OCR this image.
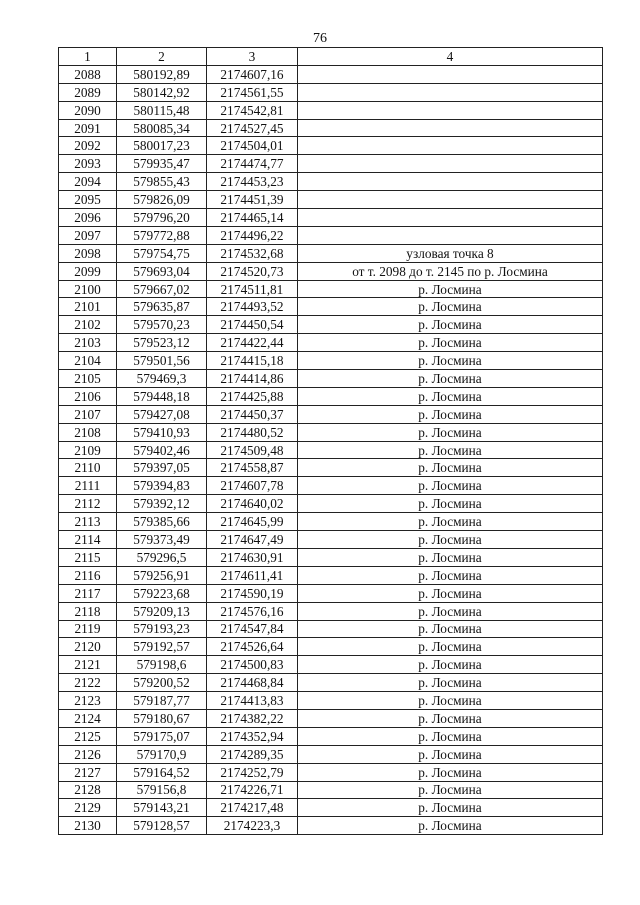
76
1	2	3	4
2088	580192,89	2174607,16	
2089	580142,92	2174561,55	
2090	580115,48	2174542,81	
2091	580085,34	2174527,45	
2092	580017,23	2174504,01	
2093	579935,47	2174474,77	
2094	579855,43	2174453,23	
2095	579826,09	2174451,39	
2096	579796,20	2174465,14	
2097	579772,88	2174496,22	
2098	579754,75	2174532,68	узловая точка 8
2099	579693,04	2174520,73	от т. 2098 до т. 2145 по р. Лосмина
2100	579667,02	2174511,81	р. Лосмина
2101	579635,87	2174493,52	р. Лосмина
2102	579570,23	2174450,54	р. Лосмина
2103	579523,12	2174422,44	р. Лосмина
2104	579501,56	2174415,18	р. Лосмина
2105	579469,3	2174414,86	р. Лосмина
2106	579448,18	2174425,88	р. Лосмина
2107	579427,08	2174450,37	р. Лосмина
2108	579410,93	2174480,52	р. Лосмина
2109	579402,46	2174509,48	р. Лосмина
2110	579397,05	2174558,87	р. Лосмина
2111	579394,83	2174607,78	р. Лосмина
2112	579392,12	2174640,02	р. Лосмина
2113	579385,66	2174645,99	р. Лосмина
2114	579373,49	2174647,49	р. Лосмина
2115	579296,5	2174630,91	р. Лосмина
2116	579256,91	2174611,41	р. Лосмина
2117	579223,68	2174590,19	р. Лосмина
2118	579209,13	2174576,16	р. Лосмина
2119	579193,23	2174547,84	р. Лосмина
2120	579192,57	2174526,64	р. Лосмина
2121	579198,6	2174500,83	р. Лосмина
2122	579200,52	2174468,84	р. Лосмина
2123	579187,77	2174413,83	р. Лосмина
2124	579180,67	2174382,22	р. Лосмина
2125	579175,07	2174352,94	р. Лосмина
2126	579170,9	2174289,35	р. Лосмина
2127	579164,52	2174252,79	р. Лосмина
2128	579156,8	2174226,71	р. Лосмина
2129	579143,21	2174217,48	р. Лосмина
2130	579128,57	2174223,3	р. Лосмина
